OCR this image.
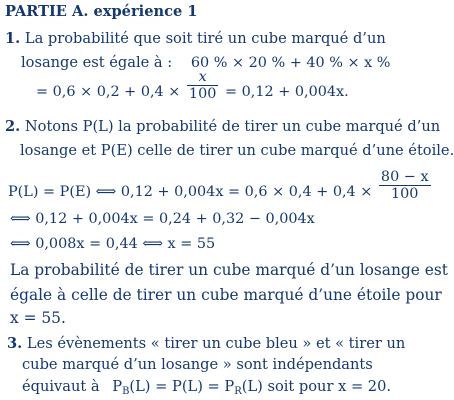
PARTIE A. expérience 1
1. La probabilité que soit tiré un cube marqué d’un
losange est égale à : 60 % × 20 % + 40 % × x %
= $0,6 \times 0,2 + 0,4 \times \frac{x}{100} = 0,12 + 0,004x$.
2. Notons P(L) la probabilité de tirer un cube marqué d’un
losange et P(E) celle de tirer un cube marqué d’une étoile.
P(L) = P(E) ⟺ $0,12 + 0,004x = 0,6 \times 0,4 + 0,4 \times \frac{80 - x}{100}$
⟺ 0,12 + 0,004x = 0,24 + 0,32 − 0,004x
⟺ 0,008x = 0,44 ⟺ x = 55
La probabilité de tirer un cube marqué d’un losange est
égale à celle de tirer un cube marqué d’une étoile pour
x = 55.
3. Les évènements « tirer un cube bleu » et « tirer un
cube marqué d’un losange » sont indépendants
équivaut à $P_B(L) = P(L) = P_R(L)$ soit pour x = 20.
